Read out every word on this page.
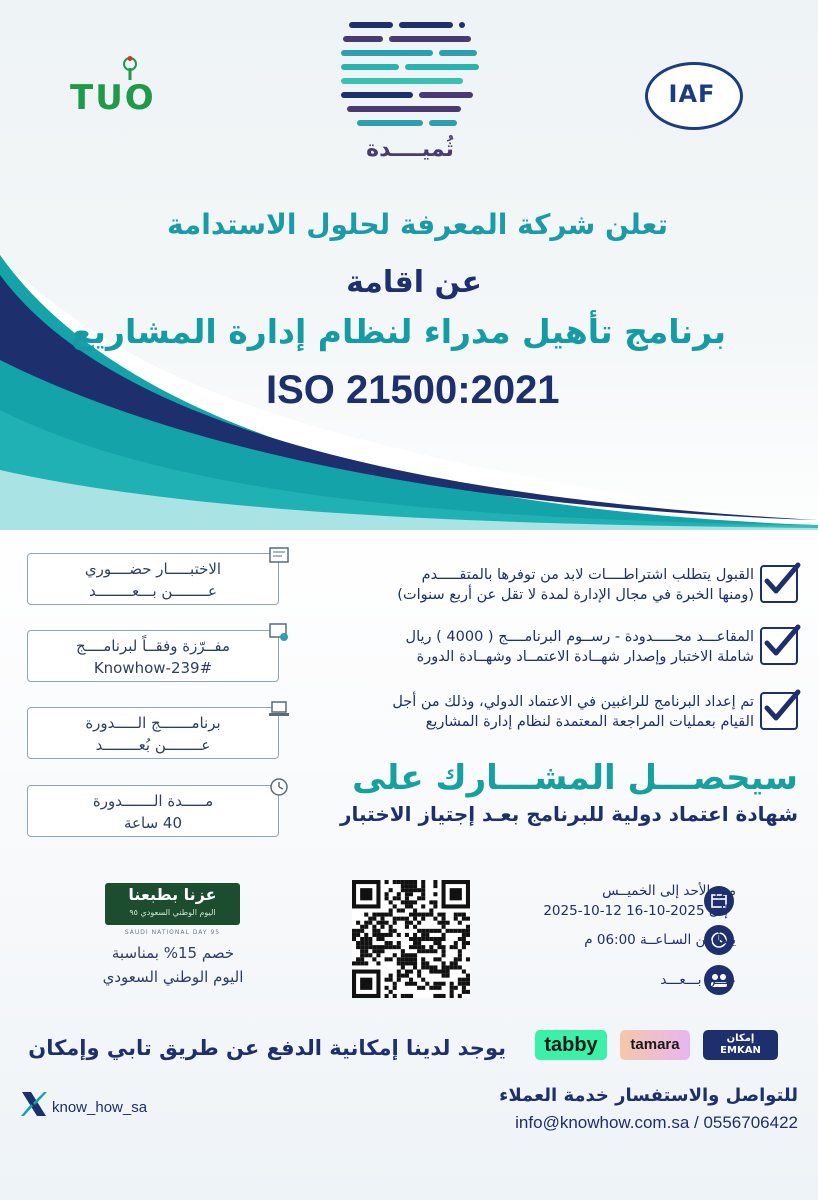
TUO
ثُميــــدة
IAF
تعلن شركة المعرفة لحلول الاستدامة
عن اقامة
برنامج تأهيل مدراء لنظام إدارة المشاريع
ISO 21500:2021
الاختبـــــار حضــــوري
عــــــــن بـــعــــــــد
مفــرّزة وفقــاً لبرنامــــج
Knowhow-239#
برنامـــــــج الـــــدورة
عــــــــن بُعــــــــد
مـــــدة الـــــــدورة
40 ساعة
القبول يتطلب اشتراطــــات لابد من توفرها بالمتقـــــدم
(ومنها الخبرة في مجال الإدارة لمدة لا تقل عن أربع سنوات)
المقاعـــد محـــــدودة - رســوم البرنامــــج ( 4000 ) ريال
شاملة الاختبار وإصدار شهــادة الاعتمــاد وشهــادة الدورة
تم إعداد البرنامج للراغبين في الاعتماد الدولي، وذلك من أجل
القيام بعمليات المراجعة المعتمدة لنظام إدارة المشاريع
سيحصـــل المشـــارك على
شهادة اعتماد دولية للبرنامج بعـد إجتياز الاختبار
عزنا بطبعنا
اليوم الوطني السعودي ٩٥
SAUDI NATIONAL DAY 95
خصم 15% بمناسبة
اليوم الوطني السعودي
مـن الأحد إلى الخميــس
2025-10-12 إلى 2025-10-16
يبدأ من السـاعــة 06:00 م
عـــن بـــعـــد
يوجد لدينا إمكانية الدفع عن طريق تابي وإمكان	tabby	tamara	إمكان
EMKAN
للتواصل والاستفسار خدمة العملاء
info@knowhow.com.sa / 0556706422
know_how_sa
